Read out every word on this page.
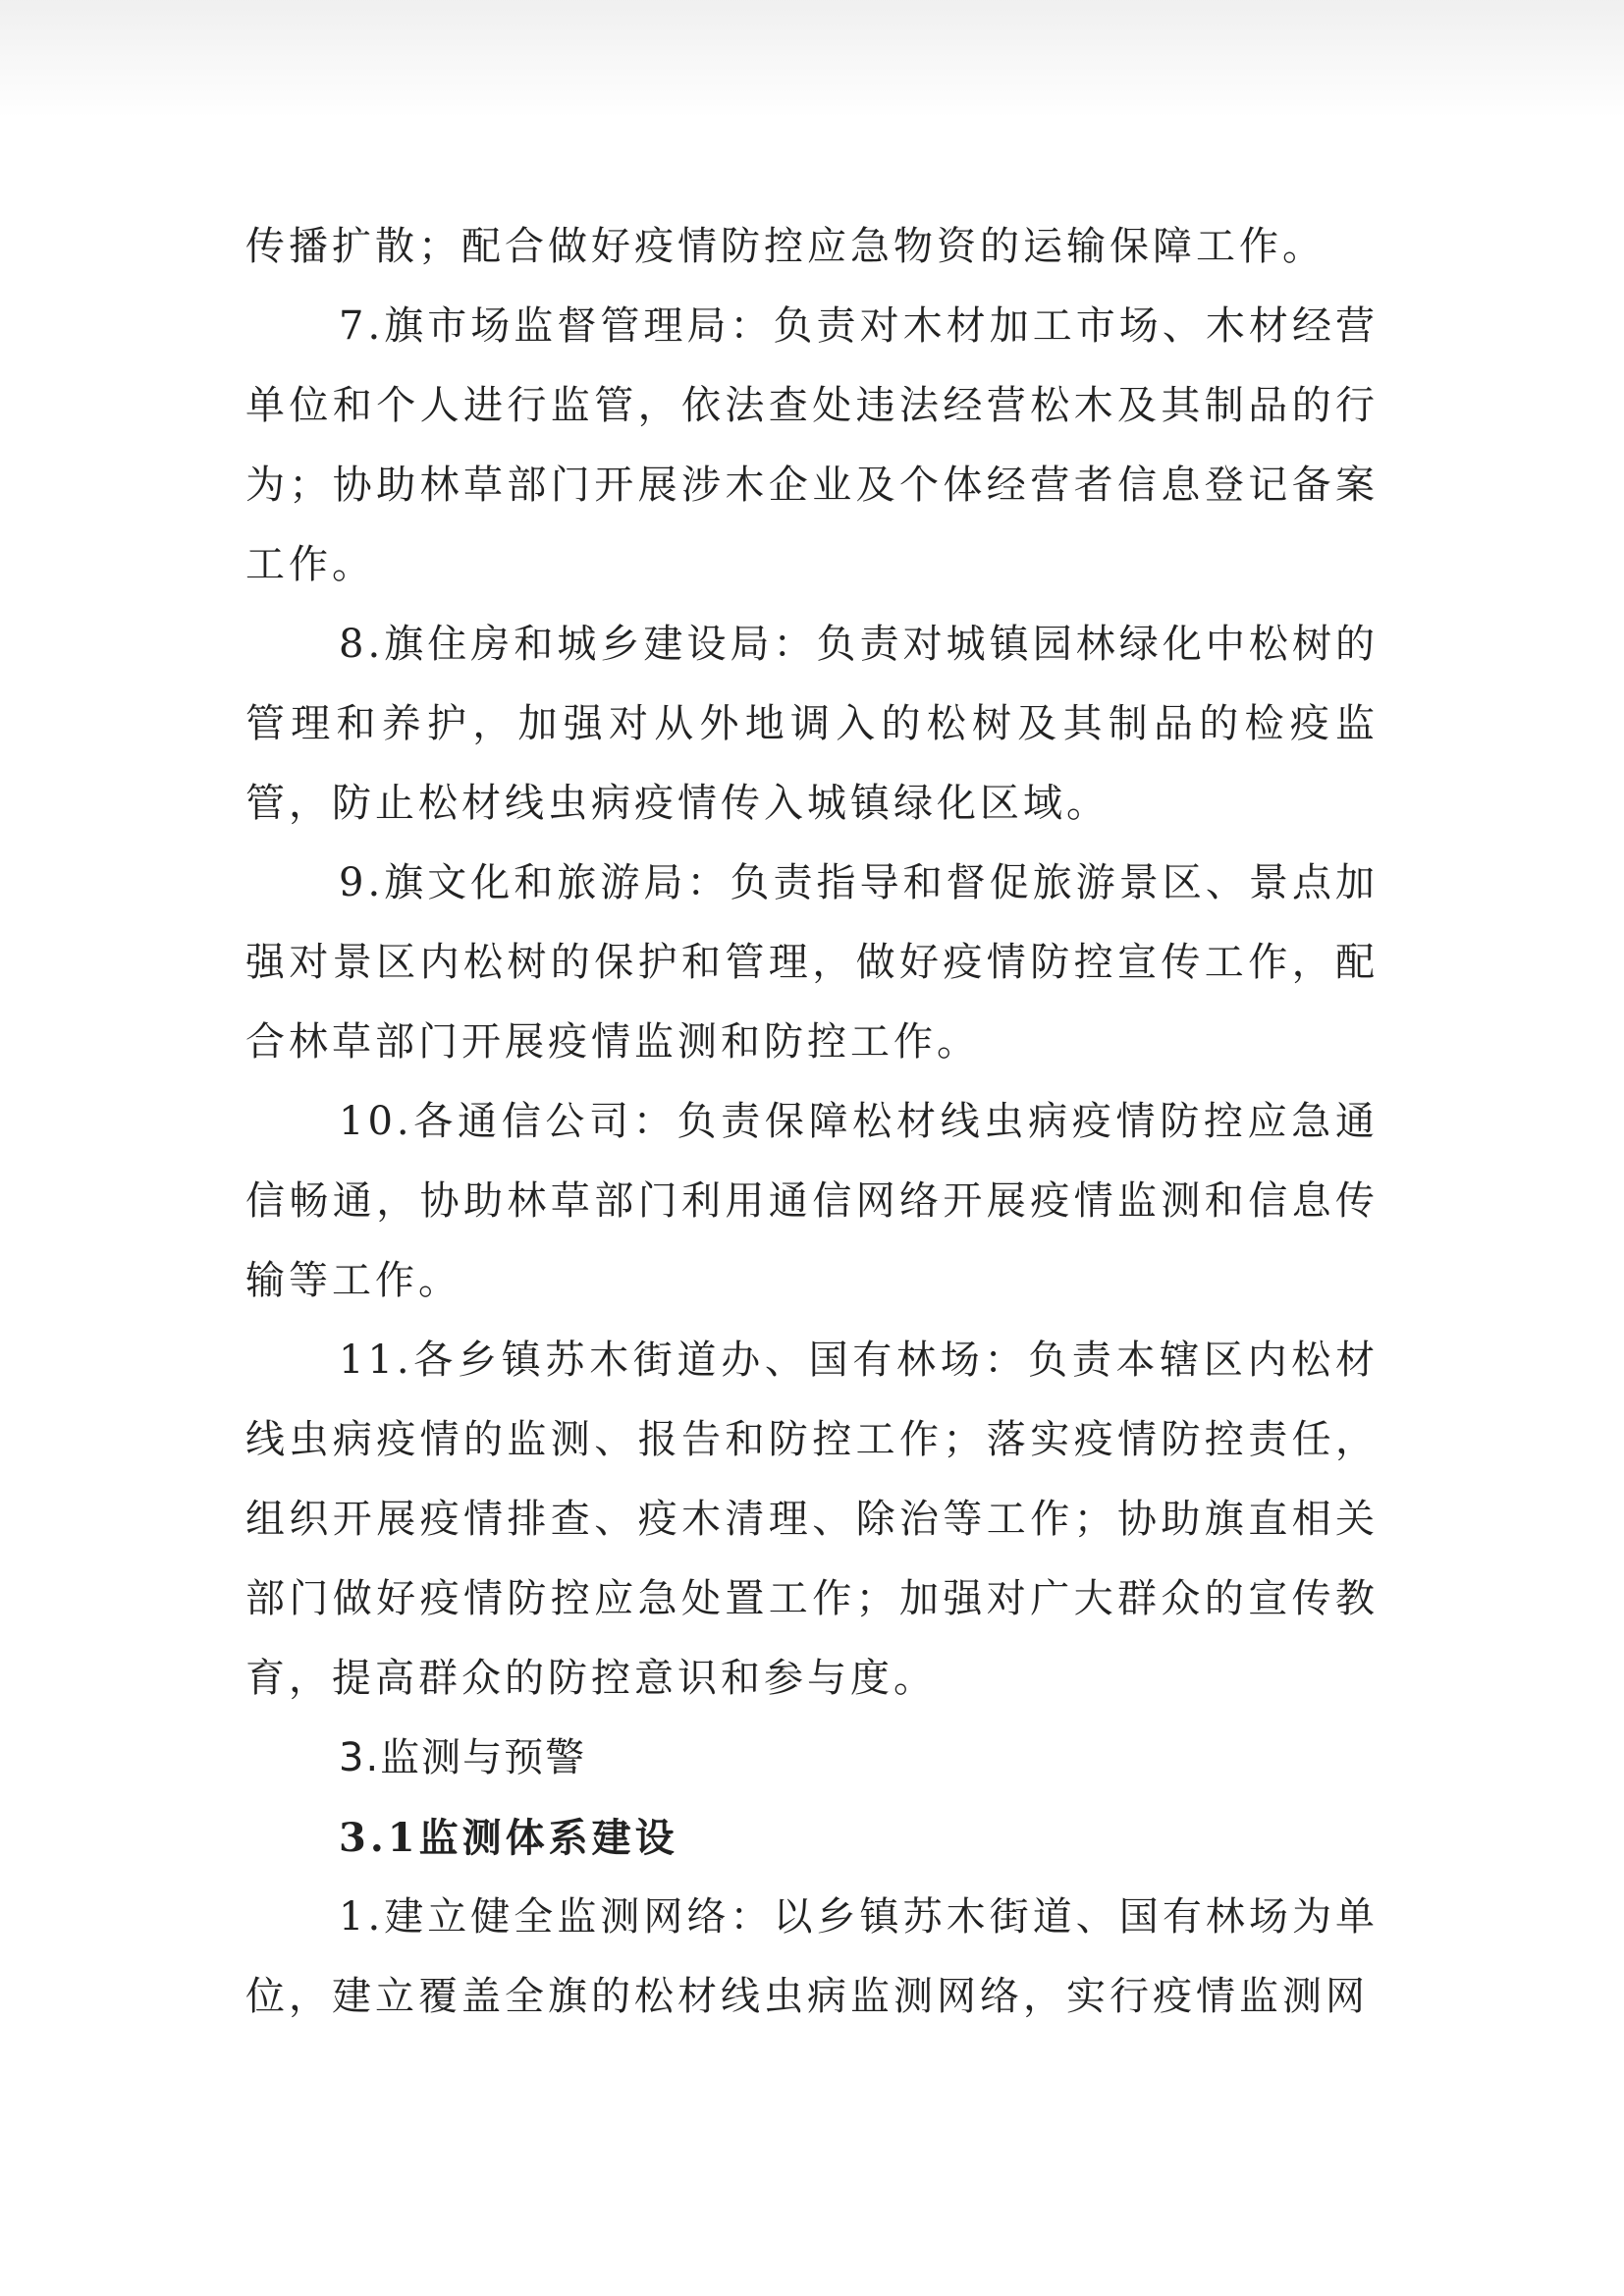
传播扩散；配合做好疫情防控应急物资的运输保障工作。

7.旗市场监督管理局：负责对木材加工市场、木材经营单位和个人进行监管，依法查处违法经营松木及其制品的行为；协助林草部门开展涉木企业及个体经营者信息登记备案工作。

8.旗住房和城乡建设局：负责对城镇园林绿化中松树的管理和养护，加强对从外地调入的松树及其制品的检疫监管，防止松材线虫病疫情传入城镇绿化区域。

9.旗文化和旅游局：负责指导和督促旅游景区、景点加强对景区内松树的保护和管理，做好疫情防控宣传工作，配合林草部门开展疫情监测和防控工作。

10.各通信公司：负责保障松材线虫病疫情防控应急通信畅通，协助林草部门利用通信网络开展疫情监测和信息传输等工作。

11.各乡镇苏木街道办、国有林场：负责本辖区内松材线虫病疫情的监测、报告和防控工作；落实疫情防控责任，组织开展疫情排查、疫木清理、除治等工作；协助旗直相关部门做好疫情防控应急处置工作；加强对广大群众的宣传教育，提高群众的防控意识和参与度。

3.监测与预警
3.1监测体系建设

1.建立健全监测网络：以乡镇苏木街道、国有林场为单位，建立覆盖全旗的松材线虫病监测网络，实行疫情监测网
